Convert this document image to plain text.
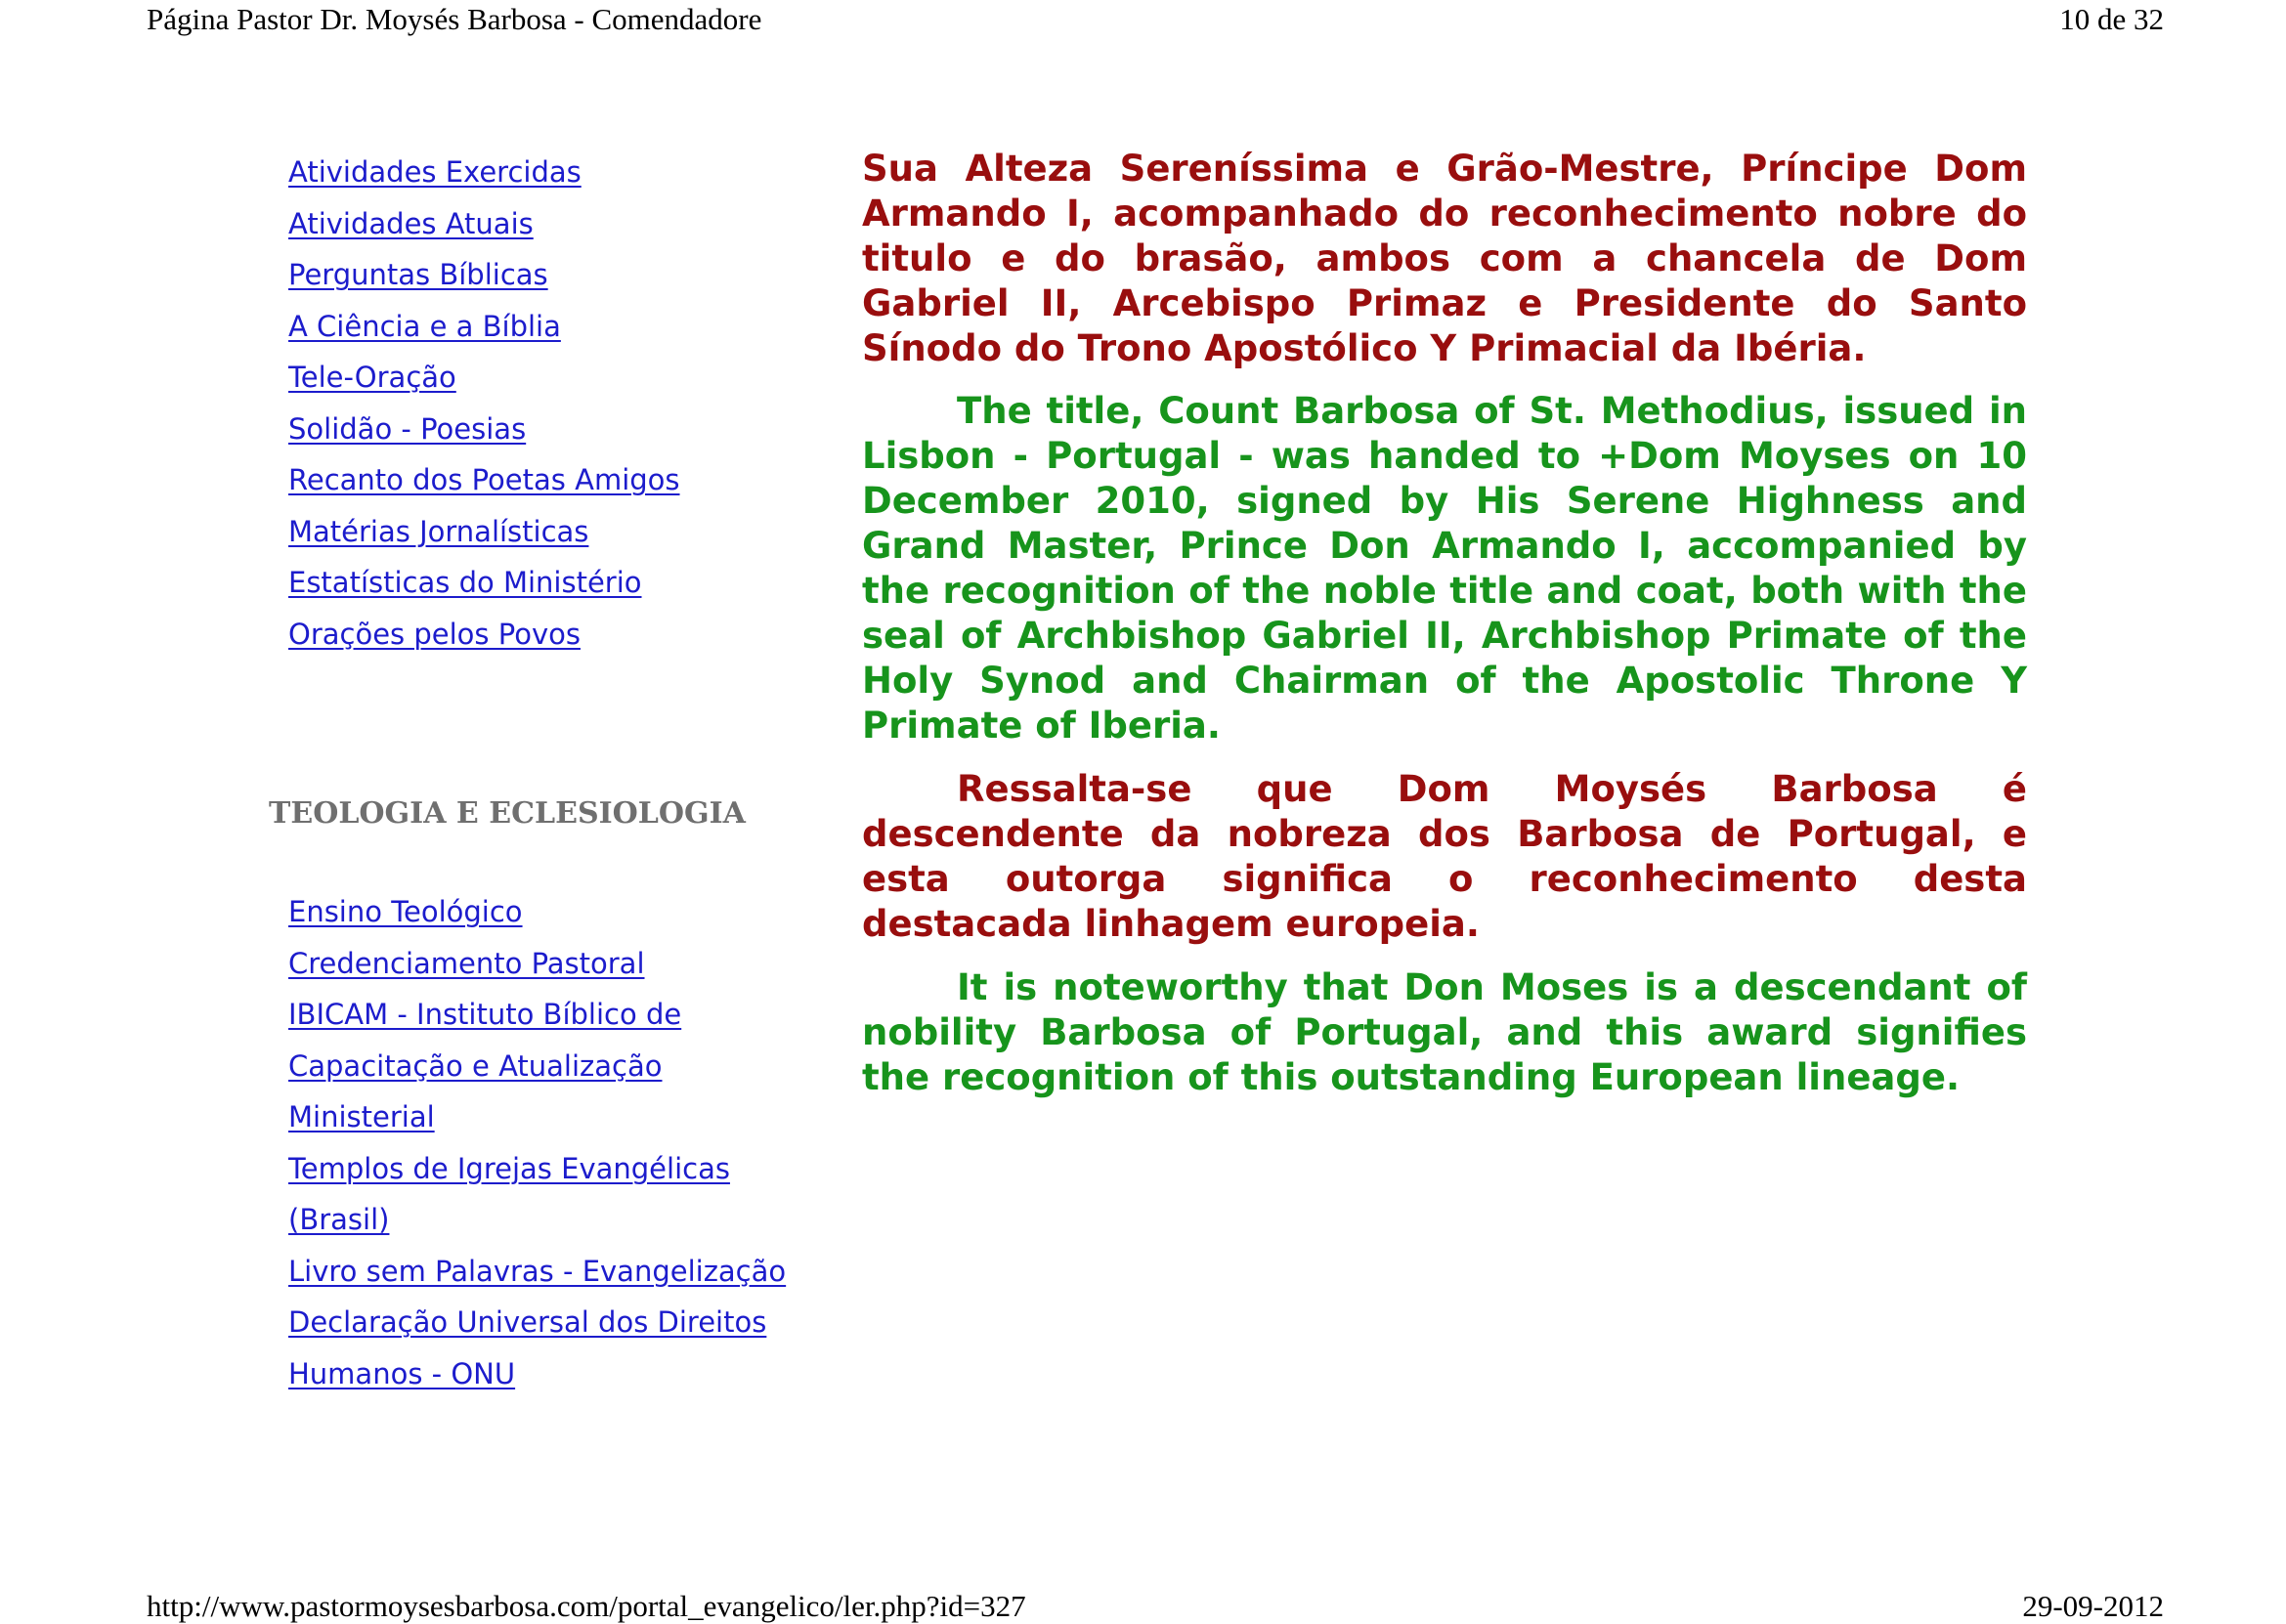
Página Pastor Dr. Moysés Barbosa - Comendadore	10 de 32
Atividades Exercidas
Atividades Atuais
Perguntas Bíblicas
A Ciência e a Bíblia
Tele-Oração
Solidão - Poesias
Recanto dos Poetas Amigos
Matérias Jornalísticas
Estatísticas do Ministério
Orações pelos Povos
TEOLOGIA E ECLESIOLOGIA
Ensino Teológico
Credenciamento Pastoral
IBICAM - Instituto Bíblico de
Capacitação e Atualização
Ministerial
Templos de Igrejas Evangélicas
(Brasil)
Livro sem Palavras - Evangelização
Declaração Universal dos Direitos
Humanos - ONU

Sua Alteza Sereníssima e Grão-Mestre, Príncipe Dom Armando I, acompanhado do reconhecimento nobre do titulo e do brasão, ambos com a chancela de Dom Gabriel II, Arcebispo Primaz e Presidente do Santo Sínodo do Trono Apostólico Y Primacial da Ibéria.

The title, Count Barbosa of St. Methodius, issued in Lisbon - Portugal - was handed to +Dom Moyses on 10 December 2010, signed by His Serene Highness and Grand Master, Prince Don Armando I, accompanied by the recognition of the noble title and coat, both with the seal of Archbishop Gabriel II, Archbishop Primate of the Holy Synod and Chairman of the Apostolic Throne Y Primate of Iberia.

Ressalta-se que Dom Moysés Barbosa é descendente da nobreza dos Barbosa de Portugal, e esta outorga significa o reconhecimento desta destacada linhagem europeia.

It is noteworthy that Don Moses is a descendant of nobility Barbosa of Portugal, and this award signifies the recognition of this outstanding European lineage.

http://www.pastormoysesbarbosa.com/portal_evangelico/ler.php?id=327	29-09-2012
